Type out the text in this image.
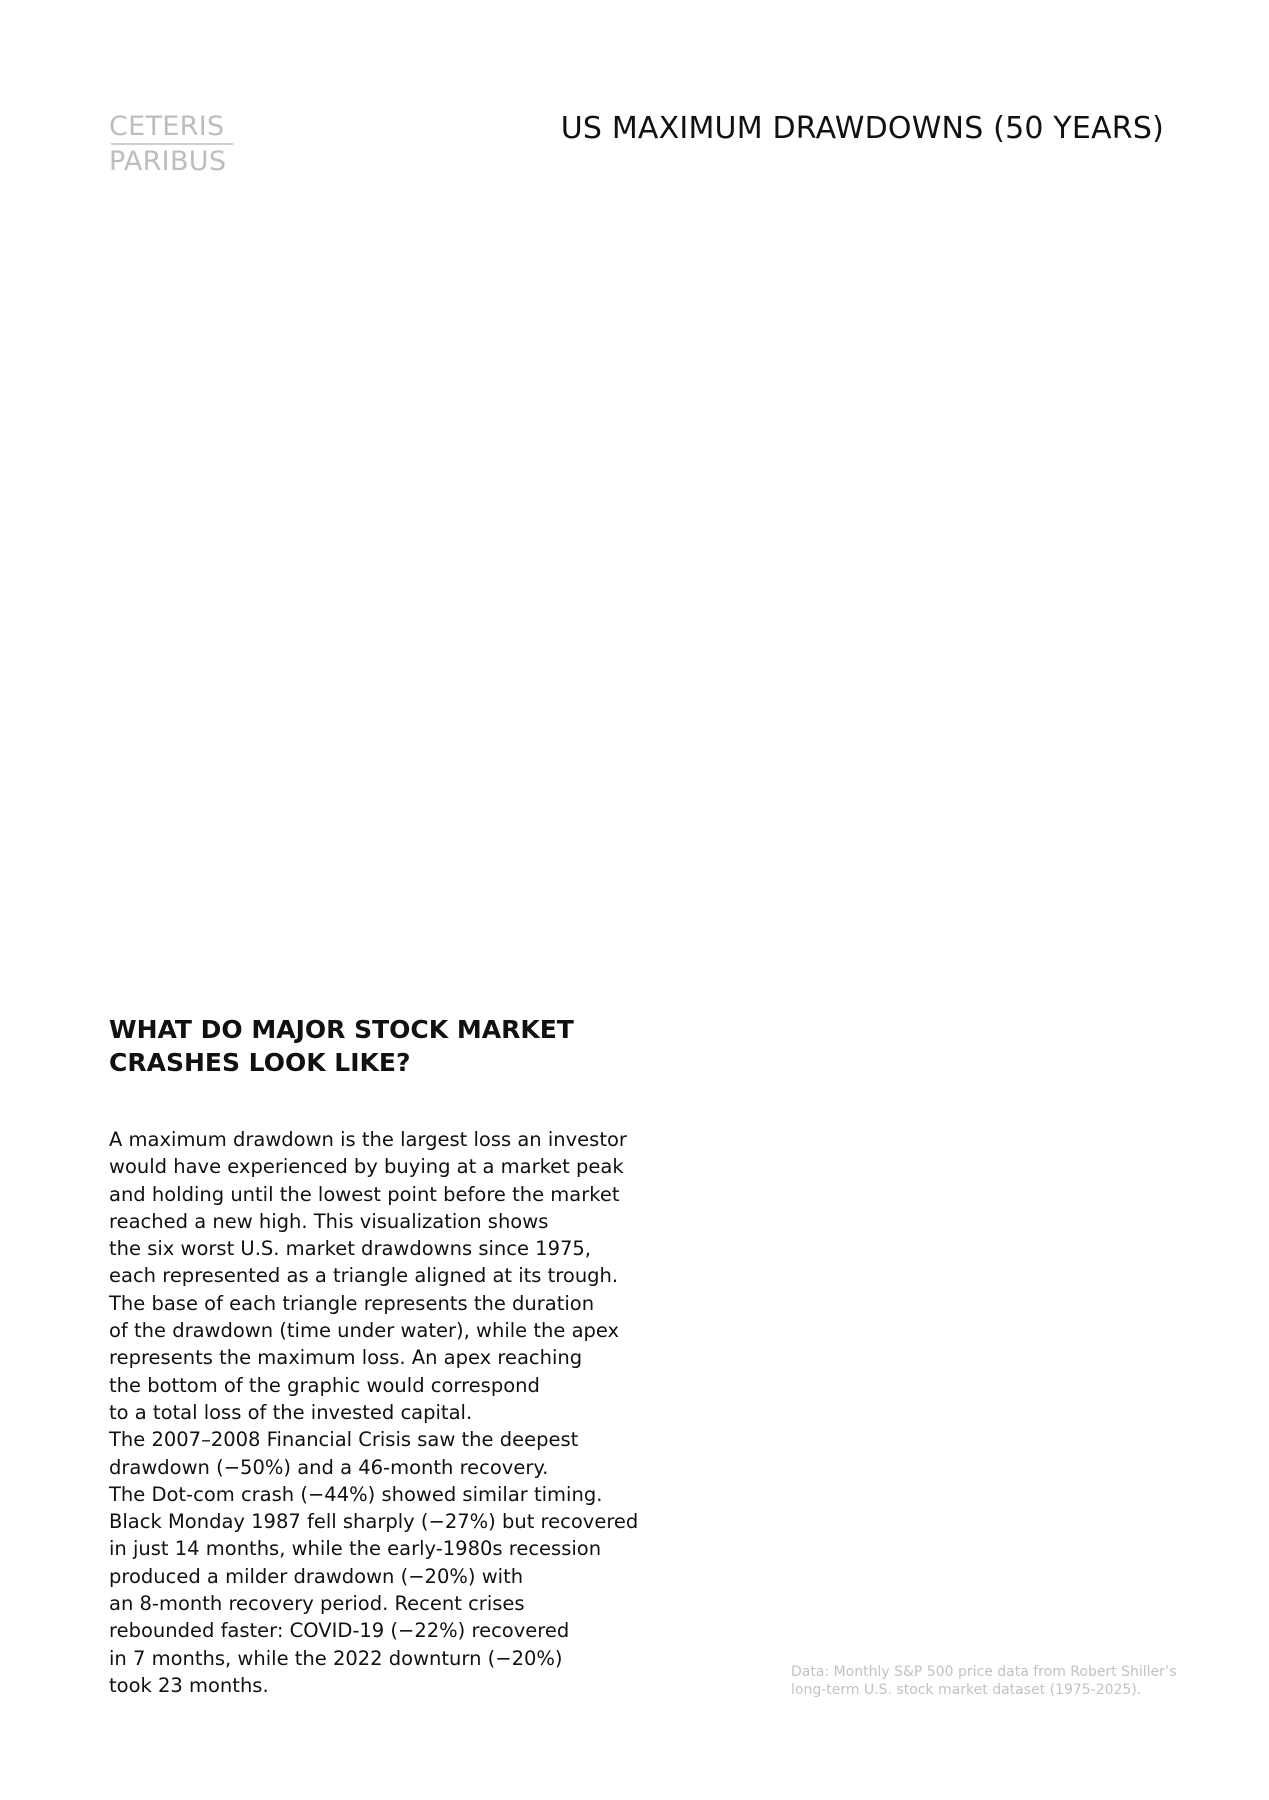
CETERIS
PARIBUS
US MAXIMUM DRAWDOWNS (50 YEARS)
WHAT DO MAJOR STOCK MARKET
CRASHES LOOK LIKE?
A maximum drawdown is the largest loss an investor
would have experienced by buying at a market peak
and holding until the lowest point before the market
reached a new high. This visualization shows
the six worst U.S. market drawdowns since 1975,
each represented as a triangle aligned at its trough.
The base of each triangle represents the duration
of the drawdown (time under water), while the apex
represents the maximum loss. An apex reaching
the bottom of the graphic would correspond
to a total loss of the invested capital.
The 2007–2008 Financial Crisis saw the deepest
drawdown (−50%) and a 46-month recovery.
The Dot-com crash (−44%) showed similar timing.
Black Monday 1987 fell sharply (−27%) but recovered
in just 14 months, while the early-1980s recession
produced a milder drawdown (−20%) with
an 8-month recovery period. Recent crises
rebounded faster: COVID-19 (−22%) recovered
in 7 months, while the 2022 downturn (−20%)
took 23 months.
Data: Monthly S&P 500 price data from Robert Shiller’s
long-term U.S. stock market dataset (1975-2025).
